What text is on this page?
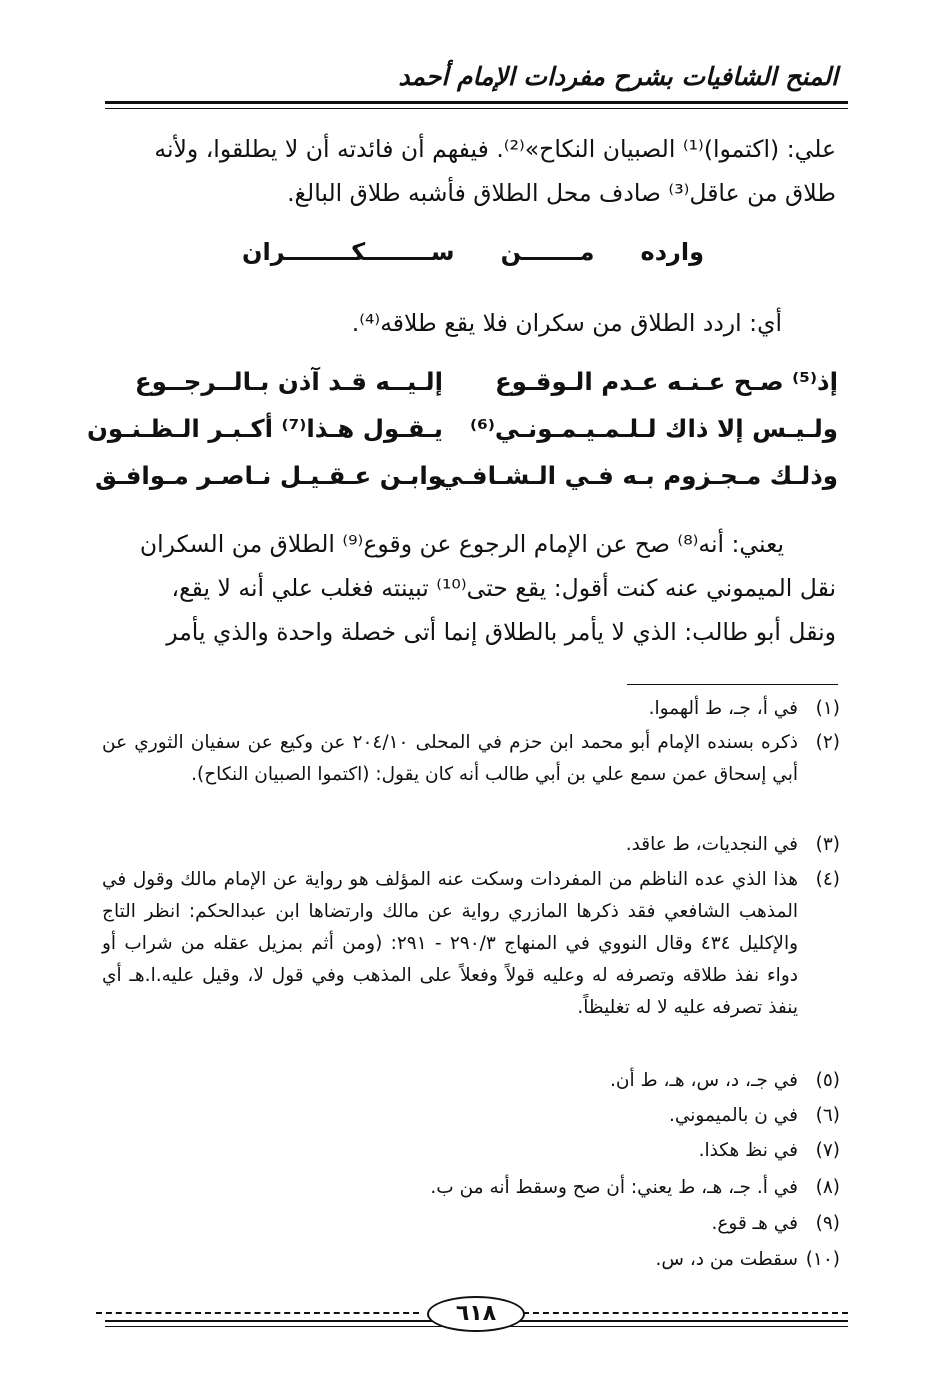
المنح الشافيات بشرح مفردات الإمام أحمد
علي: (اكتموا)⁽¹⁾ الصبيان النكاح»⁽²⁾. فيفهم أن فائدته أن لا يطلقوا، ولأنه
طلاق من عاقل⁽³⁾ صادف محل الطلاق فأشبه طلاق البالغ.
وارده
مـــــــن
ســــــــكــــــــران
أي: اردد الطلاق من سكران فلا يقع طلاقه⁽⁴⁾.
إذ⁽⁵⁾ صـح عـنـه عـدم الـوقـوع
إلـيــه قـد آذن بـالــرجــوع
ولـيـس إلا ذاك لـلـمـيـمـونـي⁽⁶⁾
يـقـول هـذا⁽⁷⁾ أكـبـر الـظـنـون
وذلـك مـجـزوم بـه فـي الـشـافـي
وابـن عـقـيـل نـاصـر مـوافـق
يعني: أنه⁽⁸⁾ صح عن الإمام الرجوع عن وقوع⁽⁹⁾ الطلاق من السكران
نقل الميموني عنه كنت أقول: يقع حتى⁽¹⁰⁾ تبينته فغلب علي أنه لا يقع،
ونقل أبو طالب: الذي لا يأمر بالطلاق إنما أتى خصلة واحدة والذي يأمر
(١)
في أ، جـ، ط ألهموا.
(٢)
ذكره بسنده الإمام أبو محمد ابن حزم في المحلى ٢٠٤/١٠ عن وكيع عن سفيان الثوري عن أبي إسحاق عمن سمع علي بن أبي طالب أنه كان يقول: (اكتموا الصبيان النكاح).
(٣)
في النجديات، ط عاقد.
(٤)
هذا الذي عده الناظم من المفردات وسكت عنه المؤلف هو رواية عن الإمام مالك وقول في المذهب الشافعي فقد ذكرها المازري رواية عن مالك وارتضاها ابن عبدالحكم: انظر التاج والإكليل ٤٣٤ وقال النووي في المنهاج ٢٩٠/٣ - ٢٩١: (ومن أثم بمزيل عقله من شراب أو دواء نفذ طلاقه وتصرفه له وعليه قولاً وفعلاً على المذهب وفي قول لا، وقيل عليه.ا.هـ أي ينفذ تصرفه عليه لا له تغليظاً.
(٥)
في جـ، د، س، هـ، ط أن.
(٦)
في ن بالميموني.
(٧)
في نظ هكذا.
(٨)
في أ. جـ، هـ، ط يعني: أن صح وسقط أنه من ب.
(٩)
في هـ قوع.
(١٠)
سقطت من د، س.
٦١٨
